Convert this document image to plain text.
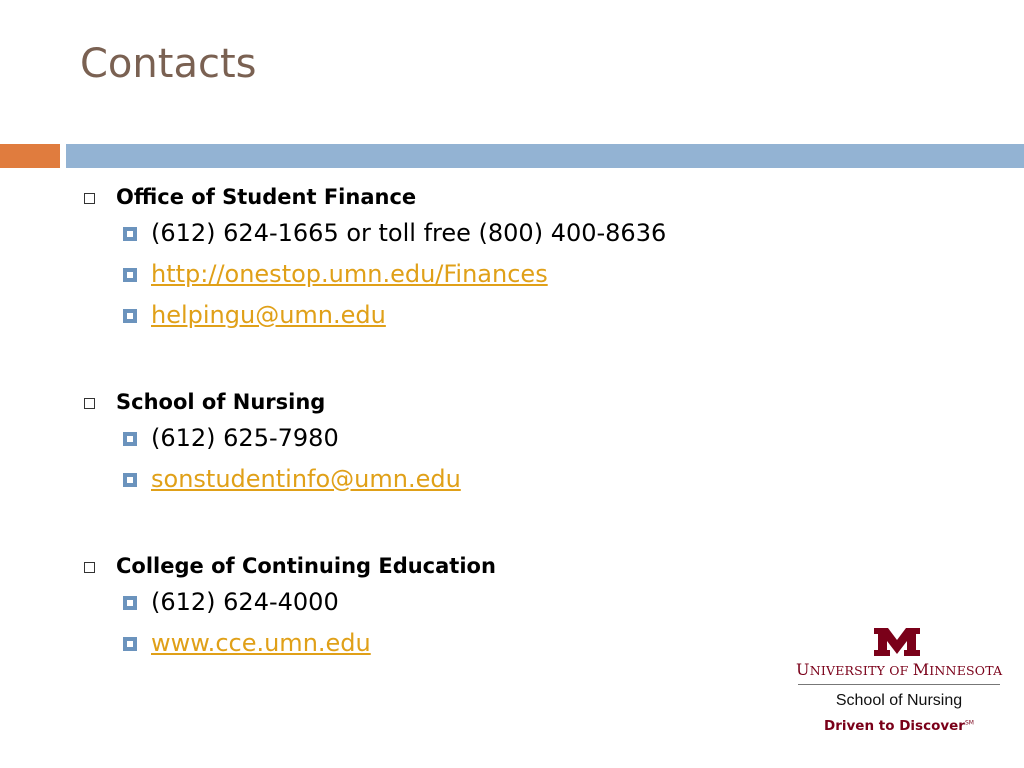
Contacts
Office of Student Finance
(612) 624-1665 or toll free (800) 400-8636
http://onestop.umn.edu/Finances
helpingu@umn.edu
School of Nursing
(612) 625-7980
sonstudentinfo@umn.edu
College of Continuing Education
(612) 624-4000
www.cce.umn.edu
UNIVERSITY OF MINNESOTA
School of Nursing
Driven to Discover℠
